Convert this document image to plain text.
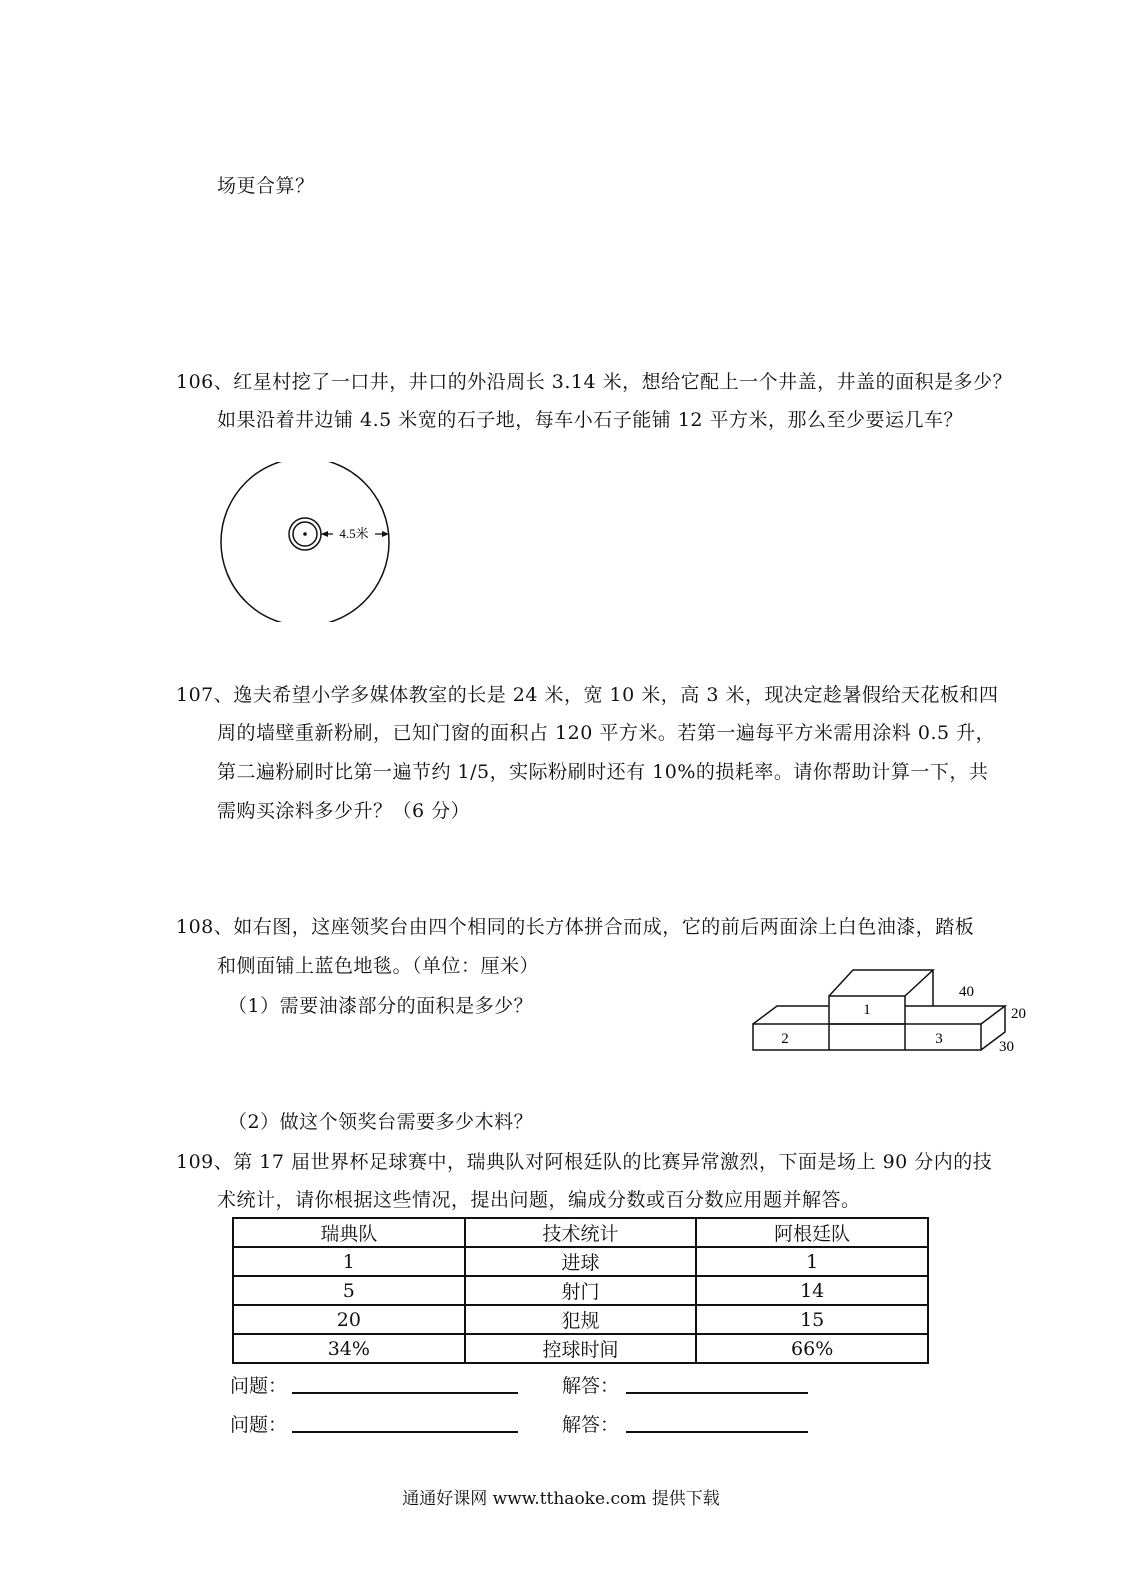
场更合算？
106、红星村挖了一口井，井口的外沿周长 3.14 米，想给它配上一个井盖，井盖的面积是多少？
如果沿着井边铺 4.5 米宽的石子地，每车小石子能铺 12 平方米，那么至少要运几车？
4.5米
107、逸夫希望小学多媒体教室的长是 24 米，宽 10 米，高 3 米，现决定趁暑假给天花板和四
周的墙壁重新粉刷，已知门窗的面积占 120 平方米。若第一遍每平方米需用涂料 0.5 升，
第二遍粉刷时比第一遍节约 1/5，实际粉刷时还有 10%的损耗率。请你帮助计算一下，共
需购买涂料多少升？（6 分）
108、如右图，这座领奖台由四个相同的长方体拼合而成，它的前后两面涂上白色油漆，踏板
和侧面铺上蓝色地毯。（单位：厘米）
（1）需要油漆部分的面积是多少？	1
2	3
40
20
30
（2）做这个领奖台需要多少木料？
109、第 17 届世界杯足球赛中，瑞典队对阿根廷队的比赛异常激烈，下面是场上 90 分内的技
术统计，请你根据这些情况，提出问题，编成分数或百分数应用题并解答。
瑞典队	技术统计	阿根廷队
1	进球	1
5	射门	14
20	犯规	15
34%	控球时间	66%
问题：	解答：
问题：	解答：
通通好课网 www.tthaoke.com 提供下载
